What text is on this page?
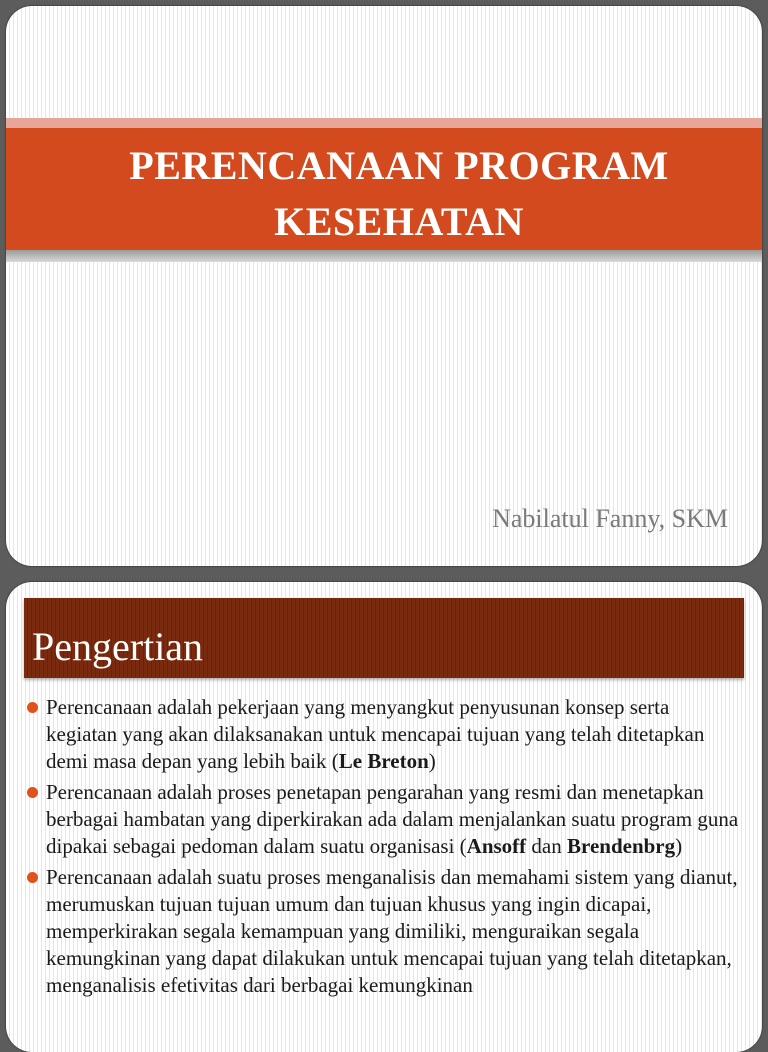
PERENCANAAN PROGRAM
KESEHATAN
Nabilatul Fanny, SKM
Pengertian
Perencanaan adalah pekerjaan yang menyangkut penyusunan konsep serta kegiatan yang akan dilaksanakan untuk mencapai tujuan yang telah ditetapkan demi masa depan yang lebih baik (Le Breton)
Perencanaan adalah proses penetapan pengarahan yang resmi dan menetapkan berbagai hambatan yang diperkirakan ada dalam menjalankan suatu program guna dipakai sebagai pedoman dalam suatu organisasi (Ansoff dan Brendenbrg)
Perencanaan adalah suatu proses menganalisis dan memahami sistem yang dianut, merumuskan tujuan tujuan umum dan tujuan khusus yang ingin dicapai, memperkirakan segala kemampuan yang dimiliki, menguraikan segala kemungkinan yang dapat dilakukan untuk mencapai tujuan yang telah ditetapkan, menganalisis efetivitas dari berbagai kemungkinan
